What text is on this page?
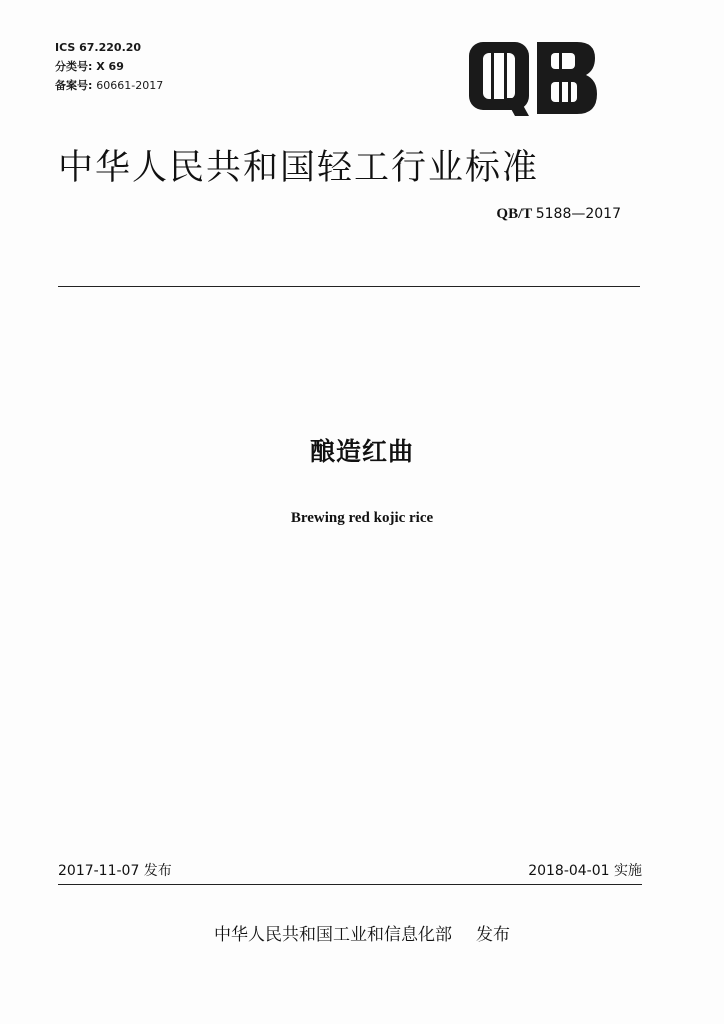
ICS 67.220.20
分类号: X 69
备案号: 60661-2017
中华人民共和国轻工行业标准
QB/T 5188—2017
酿造红曲
Brewing red kojic rice
2017-11-07 发布	2018-04-01 实施
中华人民共和国工业和信息化部 发布
